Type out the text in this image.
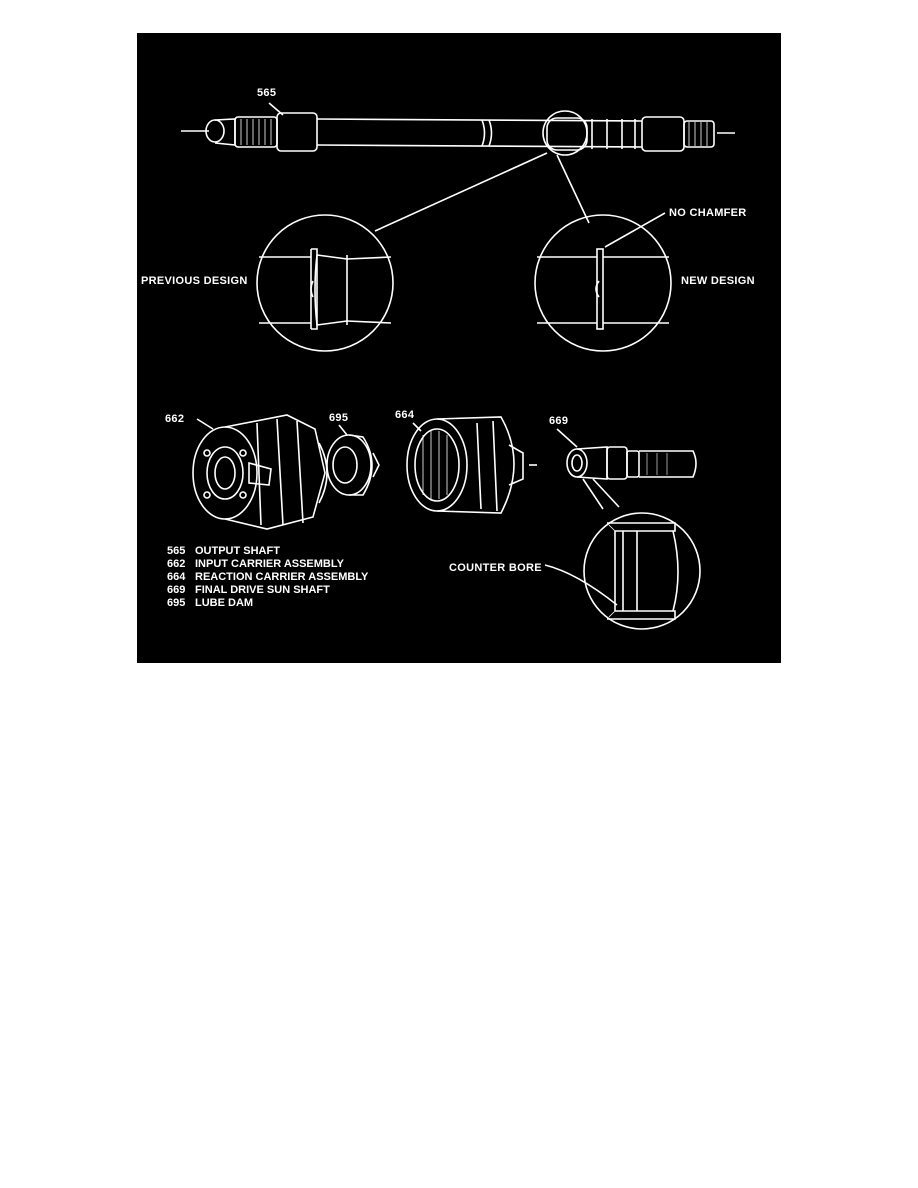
565
NO CHAMFER
PREVIOUS DESIGN	NEW DESIGN
662	695	664	669
COUNTER BORE
565 OUTPUT SHAFT
662 INPUT CARRIER ASSEMBLY
664 REACTION CARRIER ASSEMBLY
669 FINAL DRIVE SUN SHAFT
695 LUBE DAM
